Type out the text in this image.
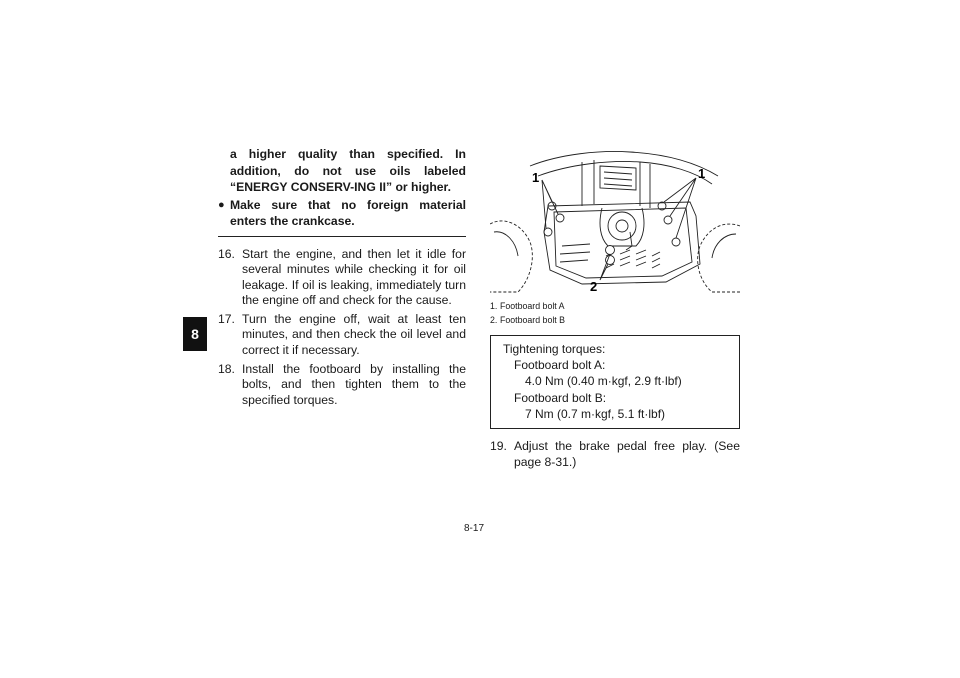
8

a higher quality than specified. In addition, do not use oils labeled “ENERGY CONSERV-ING II” or higher.

● Make sure that no foreign material enters the crankcase.
16. Start the engine, and then let it idle for several minutes while checking it for oil leakage. If oil is leaking, immediately turn the engine off and check for the cause.
17. Turn the engine off, wait at least ten minutes, and then check the oil level and correct it if necessary.
18. Install the footboard by installing the bolts, and then tighten them to the specified torques.
1	1
2
1. Footboard bolt A
2. Footboard bolt B
Tightening torques:
Footboard bolt A:
4.0 Nm (0.40 m·kgf, 2.9 ft·lbf)
Footboard bolt B:
7 Nm (0.7 m·kgf, 5.1 ft·lbf)
19. Adjust the brake pedal free play. (See page 8-31.)
8-17
